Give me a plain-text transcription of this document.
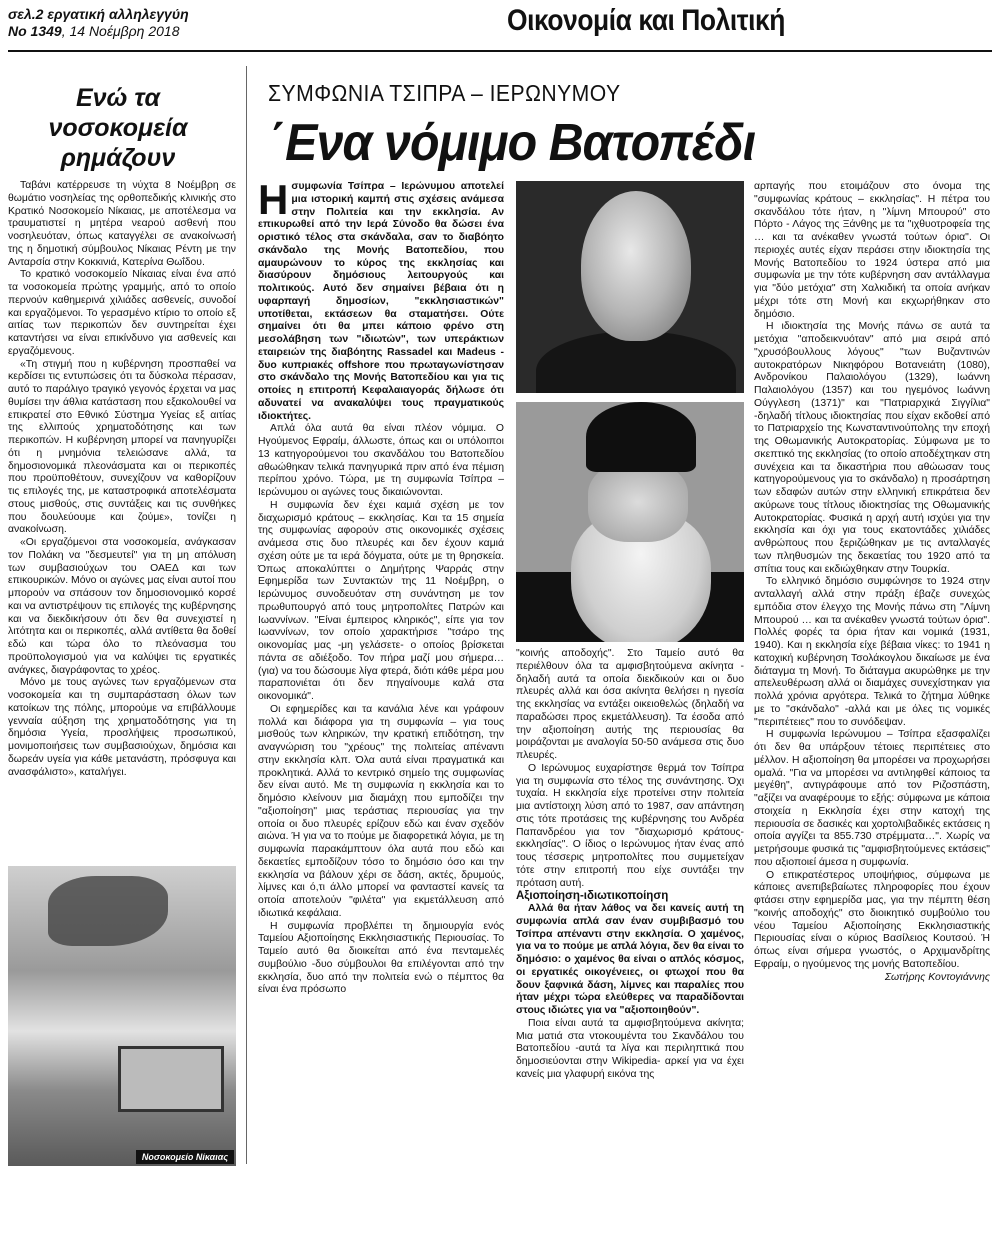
σελ.2 εργατική αλληλεγγύη
Νο 1349, 14 Νοέμβρη 2018	Οικονομία και Πολιτική
Ενώ τα νοσοκομεία ρημάζουν

Ταβάνι κατέρρευσε τη νύχτα 8 Νοέμβρη σε θωμάτιο νοσηλείας της ορθοπεδικής κλινικής στο Κρατικό Νοσοκομείο Νίκαιας, με αποτέλεσμα να τραυματιστεί η μητέρα νεαρού ασθενή που νοσηλευόταν, όπως καταγγέλει σε ανακοίνωσή της η δημοτική σύμβουλος Νίκαιας Ρέντη με την Ανταρσία στην Κοκκινιά, Κατερίνα Θωΐδου.

Το κρατικό νοσοκομείο Νίκαιας είναι ένα από τα νοσοκομεία πρώτης γραμμής, από το οποίο περνούν καθημερινά χιλιάδες ασθενείς, συνοδοί και εργαζόμενοι. Το γερασμένο κτίριο το οποίο εξ αιτίας των περικοπών δεν συντηρείται έχει καταντήσει να είναι επικίνδυνο για ασθενείς και εργαζόμενους.

«Τη στιγμή που η κυβέρνηση προσπαθεί να κερδίσει τις εντυπώσεις ότι τα δύσκολα πέρασαν, αυτό το παράλιγο τραγικό γεγονός έρχεται να μας θυμίσει την άθλια κατάσταση που εξακολουθεί να επικρατεί στο Εθνικό Σύστημα Υγείας εξ αιτίας της ελλιπούς χρηματοδότησης και των περικοπών. Η κυβέρνηση μπορεί να πανηγυρίζει ότι η μνημόνια τελειώσανε αλλά, τα δημοσιονομικά πλεονάσματα και οι περικοπές που προϋποθέτουν, συνεχίζουν να καθορίζουν τις επιλογές της, με καταστροφικά αποτελέσματα στους μισθούς, στις συντάξεις και τις συνθήκες που δουλεύουμε και ζούμε», τονίζει η ανακοίνωση.

«Οι εργαζόμενοι στα νοσοκομεία, ανάγκασαν τον Πολάκη να "δεσμευτεί" για τη μη απόλυση των συμβασιούχων του ΟΑΕΔ και των επικουρικών. Μόνο οι αγώνες μας είναι αυτοί που μπορούν να σπάσουν τον δημοσιονομικό κορσέ και να αντιστρέψουν τις επιλογές της κυβέρνησης και να διεκδικήσουν ότι δεν θα συνεχιστεί η λιτότητα και οι περικοπές, αλλά αντίθετα θα δοθεί εδώ και τώρα όλο το πλεόνασμα του προϋπολογισμού για να καλύψει τις εργατικές ανάγκες, διαγράφοντας το χρέος.

Μόνο με τους αγώνες των εργαζόμενων στα νοσοκομεία και τη συμπαράσταση όλων των κατοίκων της πόλης, μπορούμε να επιβάλλουμε γενναία αύξηση της χρηματοδότησης για τη δημόσια Υγεία, προσλήψεις προσωπικού, μονιμοποιήσεις των συμβασιούχων, δημόσια και δωρεάν υγεία για κάθε μετανάστη, πρόσφυγα και ανασφάλιστο», καταλήγει.

Νοσοκομείο Νίκαιας
ΣΥΜΦΩΝΙΑ ΤΣΙΠΡΑ – ΙΕΡΩΝΥΜΟΥ
΄Ενα νόμιμο Βατοπέδι

Η συμφωνία Τσίπρα – Ιερώνυμου αποτελεί μια ιστορική καμπή στις σχέσεις ανάμεσα στην Πολιτεία και την εκκλησία. Αν επικυρωθεί από την Ιερά Σύνοδο θα δώσει ένα οριστικό τέλος στα σκάνδαλα, σαν το διαβόητο σκάνδαλο της Μονής Βατοπεδίου, που αμαυρώνουν το κύρος της εκκλησίας και διασύρουν δημόσιους λειτουργούς και πολιτικούς. Αυτό δεν σημαίνει βέβαια ότι η υφαρπαγή δημοσίων, "εκκλησιαστικών" υποτίθεται, εκτάσεων θα σταματήσει. Ούτε σημαίνει ότι θα μπει κάποιο φρένο στη μεσολάβηση των "ιδιωτών", των υπεράκτιων εταιρειών της διαβόητης Rassadel και Madeus - δυο κυπριακές offshore που πρωταγωνίστησαν στο σκάνδαλο της Μονής Βατοπεδίου και για τις οποίες η επιτροπή Κεφαλαιαγοράς δήλωσε ότι αδυνατεί να ανακαλύψει τους πραγματικούς ιδιοκτήτες.

Απλά όλα αυτά θα είναι πλέον νόμιμα. Ο Ηγούμενος Εφραίμ, άλλωστε, όπως και οι υπόλοιποι 13 κατηγορούμενοι του σκανδάλου του Βατοπεδίου αθωώθηκαν τελικά πανηγυρικά πριν από ένα πέμιση περίπου χρόνο. Τώρα, με τη συμφωνία Τσίπρα – Ιερώνυμου οι αγώνες τους δικαιώνονται.

Η συμφωνία δεν έχει καμιά σχέση με τον διαχωρισμό κράτους – εκκλησίας. Και τα 15 σημεία της συμφωνίας αφορούν στις οικονομικές σχέσεις ανάμεσα στις δυο πλευρές και δεν έχουν καμιά σχέση ούτε με τα ιερά δόγματα, ούτε με τη θρησκεία. Όπως αποκαλύπτει ο Δημήτρης Ψαρράς στην Εφημερίδα των Συντακτών της 11 Νοέμβρη, ο Ιερώνυμος συνοδευόταν στη συνάντηση με τον πρωθυπουργό από τους μητροπολίτες Πατρών και Ιωαννίνων. "Είναι έμπειρος κληρικός", είπε για τον Ιωαννίνων, τον οποίο χαρακτήρισε "τσάρο της οικονομίας μας -μη γελάσετε- ο οποίος βρίσκεται πάντα σε αδιέξοδο. Τον πήρα μαζί μου σήμερα… (για) να του δώσουμε λίγα φτερά, διότι κάθε μέρα μου παραπονιέται ότι δεν πηγαίνουμε καλά στα οικονομικά".

Οι εφημερίδες και τα κανάλια λένε και γράφουν πολλά και διάφορα για τη συμφωνία – για τους μισθούς των κληρικών, την κρατική επιδότηση, την αναγνώριση του "χρέους" της πολιτείας απέναντι στην εκκλησία κλπ. Όλα αυτά είναι πραγματικά και προκλητικά. Αλλά το κεντρικό σημείο της συμφωνίας δεν είναι αυτό. Με τη συμφωνία η εκκλησία και το δημόσιο κλείνουν μια διαμάχη που εμποδίζει την "αξιοποίηση" μιας τεράστιας περιουσίας για την οποία οι δυο πλευρές ερίζουν εδώ και έναν σχεδόν αιώνα. Ή για να το πούμε με διαφορετικά λόγια, με τη συμφωνία παρακάμπτουν όλα αυτά που εδώ και δεκαετίες εμποδίζουν τόσο το δημόσιο όσο και την εκκλησία να βάλουν χέρι σε δάση, ακτές, δρυμούς, λίμνες και ό,τι άλλο μπορεί να φανταστεί κανείς τα οποία αποτελούν "φιλέτα" για εκμετάλλευση από ιδιωτικά κεφάλαια.

Η συμφωνία προβλέπει τη δημιουργία ενός Ταμείου Αξιοποίησης Εκκλησιαστικής Περιουσίας. Το Ταμείο αυτό θα διοικείται από ένα πενταμελές συμβούλιο -δυο σύμβουλοι θα επιλέγονται από την εκκλησία, δυο από την πολιτεία ενώ ο πέμπτος θα είναι ένα πρόσωπο

"κοινής αποδοχής". Στο Ταμείο αυτό θα περιέλθουν όλα τα αμφισβητούμενα ακίνητα - δηλαδή αυτά τα οποία διεκδικούν και οι δυο πλευρές αλλά και όσα ακίνητα θελήσει η ηγεσία της εκκλησίας να εντάξει οικειοθελώς (δηλαδή να παραδώσει προς εκμετάλλευση). Τα έσοδα από την αξιοποίηση αυτής της περιουσίας θα μοιράζονται με αναλογία 50-50 ανάμεσα στις δυο πλευρές.

Ο Ιερώνυμος ευχαρίστησε θερμά τον Τσίπρα για τη συμφωνία στο τέλος της συνάντησης. Όχι τυχαία. Η εκκλησία είχε προτείνει στην πολιτεία μια αντίστοιχη λύση από το 1987, σαν απάντηση στις τότε προτάσεις της κυβέρνησης του Ανδρέα Παπανδρέου για τον "διαχωρισμό κράτους-εκκλησίας". Ο ίδιος ο Ιερώνυμος ήταν ένας από τους τέσσερις μητροπολίτες που συμμετείχαν τότε στην επιτροπή που είχε συντάξει την πρόταση αυτή.

Αξιοποίηση-ιδιωτικοποίηση

Αλλά θα ήταν λάθος να δει κανείς αυτή τη συμφωνία απλά σαν έναν συμβιβασμό του Τσίπρα απέναντι στην εκκλησία. Ο χαμένος, για να το πούμε με απλά λόγια, δεν θα είναι το δημόσιο: ο χαμένος θα είναι ο απλός κόσμος, οι εργατικές οικογένειες, οι φτωχοί που θα δουν ξαφνικά δάση, λίμνες και παραλίες που ήταν μέχρι τώρα ελεύθερες να παραδίδονται στους ιδιώτες για να "αξιοποιηθούν".

Ποια είναι αυτά τα αμφισβητούμενα ακίνητα; Μια ματιά στα ντοκουμέντα του Σκανδάλου του Βατοπεδίου -αυτά τα λίγα και περιληπτικά που δημοσιεύονται στην Wikipedia- αρκεί για να έχει κανείς μια γλαφυρή εικόνα της

αρπαγής που ετοιμάζουν στο όνομα της "συμφωνίας κράτους – εκκλησίας". Η πέτρα του σκανδάλου τότε ήταν, η "λίμνη Μπουρού" στο Πόρτο - Λάγος της Ξάνθης με τα "ιχθυοτροφεία της … και τα ανέκαθεν γνωστά τούτων όρια". Οι περιοχές αυτές είχαν περάσει στην ιδιοκτησία της Μονής Βατοπεδίου το 1924 ύστερα από μια συμφωνία με την τότε κυβέρνηση σαν αντάλλαγμα για "δύο μετόχια" στη Χαλκιδική τα οποία ανήκαν μέχρι τότε στη Μονή και εκχωρήθηκαν στο δημόσιο.

Η ιδιοκτησία της Μονής πάνω σε αυτά τα μετόχια "αποδεικνυόταν" από μια σειρά από "χρυσόβουλλους λόγους" "των Βυζαντινών αυτοκρατόρων Νικηφόρου Βοτανειάτη (1080), Ανδρονίκου Παλαιολόγου (1329), Ιωάννη Παλαιολόγου (1357) και του ηγεμόνος Ιωάννη Ούγγλεση (1371)" και "Πατριαρχικά Σιγγίλια" -δηλαδή τίτλους ιδιοκτησίας που είχαν εκδοθεί από το Πατριαρχείο της Κωνσταντινούπολης την εποχή της Οθωμανικής Αυτοκρατορίας. Σύμφωνα με το σκεπτικό της εκκλησίας (το οποίο αποδέχτηκαν στη συνέχεια και τα δικαστήρια που αθώωσαν τους κατηγορούμενους για το σκάνδαλο) η προσάρτηση των εδαφών αυτών στην ελληνική επικράτεια δεν ακύρωνε τους τίτλους ιδιοκτησίας της Οθωμανικής Αυτοκρατορίας. Φυσικά η αρχή αυτή ισχύει για την εκκλησία και όχι για τους εκατοντάδες χιλιάδες ανθρώπους που ξεριζώθηκαν με τις ανταλλαγές των πληθυσμών της δεκαετίας του 1920 από τα σπίτια τους και εκδιώχθηκαν στην Τουρκία.

Το ελληνικό δημόσιο συμφώνησε το 1924 στην ανταλλαγή αλλά στην πράξη έβαζε συνεχώς εμπόδια στον έλεγχο της Μονής πάνω στη "Λίμνη Μπουρού … και τα ανέκαθεν γνωστά τούτων όρια". Πολλές φορές τα όρια ήταν και νομικά (1931, 1940). Και η εκκλησία είχε βέβαια νίκες: το 1941 η κατοχική κυβέρνηση Τσολάκογλου δικαίωσε με ένα διάταγμα τη Μονή. Το διάταγμα ακυρώθηκε με την απελευθέρωση αλλά οι διαμάχες συνεχίστηκαν για πολλά χρόνια αργότερα. Τελικά το ζήτημα λύθηκε με το "σκάνδαλο" -αλλά και με όλες τις νομικές "περιπέτειες" που το συνόδεψαν.

Η συμφωνία Ιερώνυμου – Τσίπρα εξασφαλίζει ότι δεν θα υπάρξουν τέτοιες περιπέτειες στο μέλλον. Η αξιοποίηση θα μπορέσει να προχωρήσει ομαλά. "Για να μπορέσει να αντιληφθεί κάποιος τα μεγέθη", αντιγράφουμε από τον Ριζοσπάστη, "αξίζει να αναφέρουμε το εξής: σύμφωνα με κάποια στοιχεία η Εκκλησία έχει στην κατοχή της περιουσία σε δασικές και χορτολιβαδικές εκτάσεις η οποία αγγίζει τα 855.730 στρέμματα…". Χωρίς να μετρήσουμε φυσικά τις "αμφισβητούμενες εκτάσεις" που αξιοποιεί άμεσα η συμφωνία.

Ο επικρατέστερος υποψήφιος, σύμφωνα με κάποιες ανεπιβεβαίωτες πληροφορίες που έχουν φτάσει στην εφημερίδα μας, για την πέμπτη θέση "κοινής αποδοχής" στο διοικητικό συμβούλιο του νέου Ταμείου Αξιοποίησης Εκκλησιαστικής Περιουσίας είναι ο κύριος Βασίλειος Κουτσού. Ή όπως είναι σήμερα γνωστός, ο Αρχιμανδρίτης Εφραίμ, ο ηγούμενος της μονής Βατοπεδίου.

Σωτήρης Κοντογιάννης
